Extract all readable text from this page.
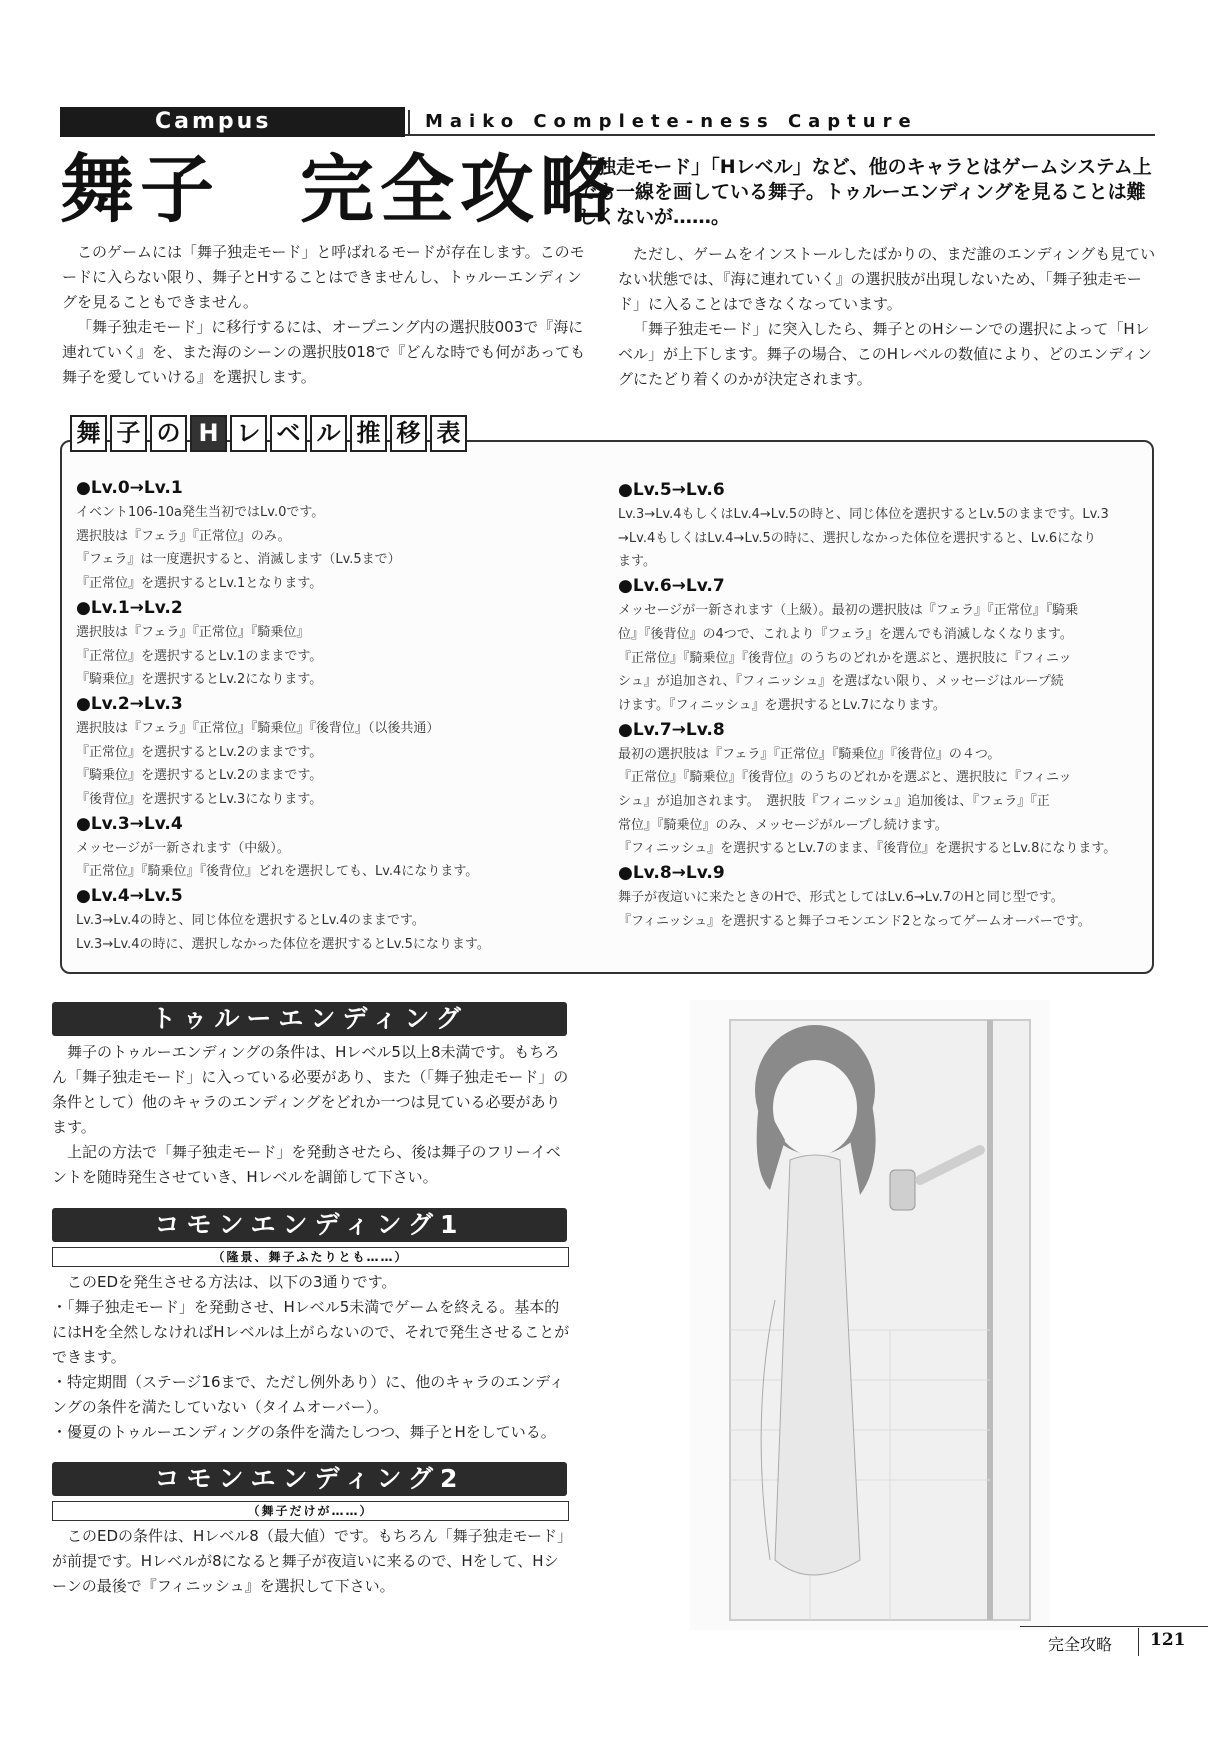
Campus	Maiko Complete-ness Capture
舞子　完全攻略
「独走モード」「Hレベル」など、他のキャラとはゲームシステム上でも一線を画している舞子。トゥルーエンディングを見ることは難しくないが……。

このゲームには「舞子独走モード」と呼ばれるモードが存在します。このモードに入らない限り、舞子とHすることはできませんし、トゥルーエンディングを見ることもできません。

「舞子独走モード」に移行するには、オープニング内の選択肢003で『海に連れていく』を、また海のシーンの選択肢018で『どんな時でも何があっても舞子を愛していける』を選択します。

ただし、ゲームをインストールしたばかりの、まだ誰のエンディングも見ていない状態では、『海に連れていく』の選択肢が出現しないため、「舞子独走モード」に入ることはできなくなっています。

「舞子独走モード」に突入したら、舞子とのHシーンでの選択によって「Hレベル」が上下します。舞子の場合、このHレベルの数値により、どのエンディングにたどり着くのかが決定されます。

舞 子 の H レ ベ ル 推 移 表
●Lv.0→Lv.1
イベント106-10a発生当初ではLv.0です。
選択肢は『フェラ』『正常位』のみ。
『フェラ』は一度選択すると、消滅します（Lv.5まで）
『正常位』を選択するとLv.1となります。
●Lv.1→Lv.2
選択肢は『フェラ』『正常位』『騎乗位』
『正常位』を選択するとLv.1のままです。
『騎乗位』を選択するとLv.2になります。
●Lv.2→Lv.3
選択肢は『フェラ』『正常位』『騎乗位』『後背位』（以後共通）
『正常位』を選択するとLv.2のままです。
『騎乗位』を選択するとLv.2のままです。
『後背位』を選択するとLv.3になります。
●Lv.3→Lv.4
メッセージが一新されます（中級）。
『正常位』『騎乗位』『後背位』どれを選択しても、Lv.4になります。
●Lv.4→Lv.5
Lv.3→Lv.4の時と、同じ体位を選択するとLv.4のままです。
Lv.3→Lv.4の時に、選択しなかった体位を選択するとLv.5になります。
●Lv.5→Lv.6
Lv.3→Lv.4もしくはLv.4→Lv.5の時と、同じ体位を選択するとLv.5のままです。Lv.3
→Lv.4もしくはLv.4→Lv.5の時に、選択しなかった体位を選択すると、Lv.6になり
ます。
●Lv.6→Lv.7
メッセージが一新されます（上級）。最初の選択肢は『フェラ』『正常位』『騎乗
位』『後背位』の4つで、これより『フェラ』を選んでも消滅しなくなります。
『正常位』『騎乗位』『後背位』のうちのどれかを選ぶと、選択肢に『フィニッ
シュ』が追加され、『フィニッシュ』を選ばない限り、メッセージはループ続
けます。『フィニッシュ』を選択するとLv.7になります。
●Lv.7→Lv.8
最初の選択肢は『フェラ』『正常位』『騎乗位』『後背位』の４つ。
『正常位』『騎乗位』『後背位』のうちのどれかを選ぶと、選択肢に『フィニッ
シュ』が追加されます。　選択肢『フィニッシュ』追加後は、『フェラ』『正
常位』『騎乗位』のみ、メッセージがループし続けます。
『フィニッシュ』を選択するとLv.7のまま、『後背位』を選択するとLv.8になります。
●Lv.8→Lv.9
舞子が夜這いに来たときのHで、形式としてはLv.6→Lv.7のHと同じ型です。
『フィニッシュ』を選択すると舞子コモンエンド2となってゲームオーバーです。
トゥルーエンディング

舞子のトゥルーエンディングの条件は、Hレベル5以上8未満です。もちろん「舞子独走モード」に入っている必要があり、また（「舞子独走モード」の条件として）他のキャラのエンディングをどれか一つは見ている必要があります。

上記の方法で「舞子独走モード」を発動させたら、後は舞子のフリーイベントを随時発生させていき、Hレベルを調節して下さい。

コモンエンディング1
（隆景、舞子ふたりとも……）

このEDを発生させる方法は、以下の3通りです。

・「舞子独走モード」を発動させ、Hレベル5未満でゲームを終える。基本的にはHを全然しなければHレベルは上がらないので、それで発生させることができます。

・特定期間（ステージ16まで、ただし例外あり）に、他のキャラのエンディングの条件を満たしていない（タイムオーバー）。

・優夏のトゥルーエンディングの条件を満たしつつ、舞子とHをしている。

コモンエンディング2
（舞子だけが……）

このEDの条件は、Hレベル8（最大値）です。もちろん「舞子独走モード」が前提です。Hレベルが8になると舞子が夜這いに来るので、Hをして、Hシーンの最後で『フィニッシュ』を選択して下さい。

完全攻略 121
